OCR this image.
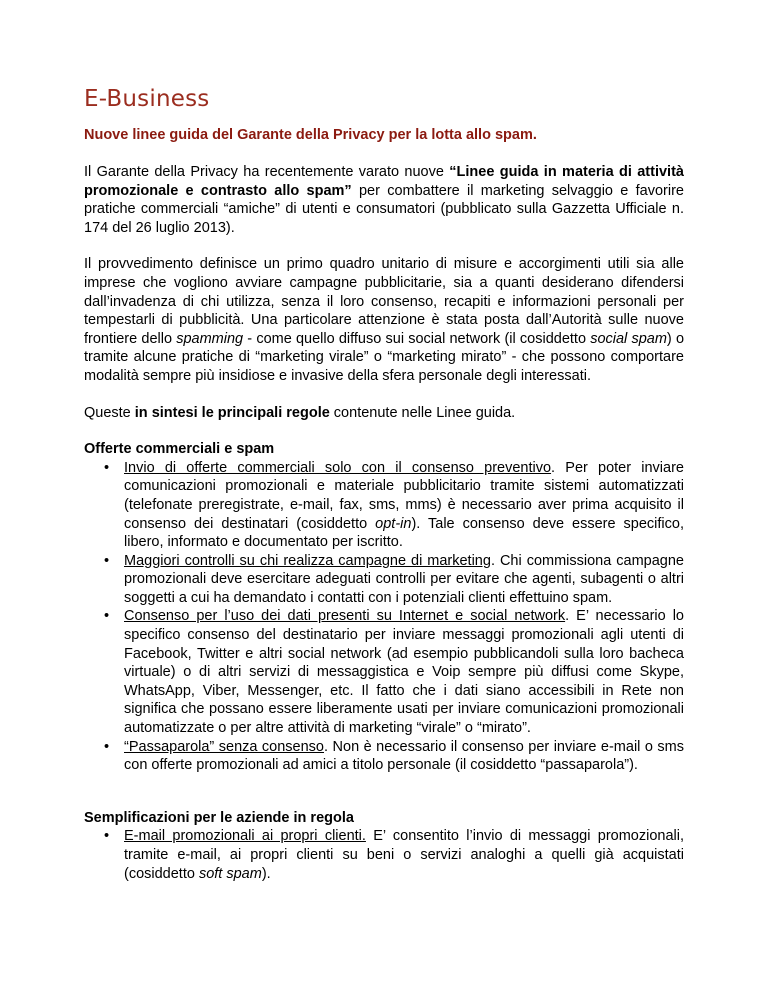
E-Business
Nuove linee guida del Garante della Privacy per la lotta allo spam.

Il Garante della Privacy ha recentemente varato nuove “Linee guida in materia di attività promozionale e contrasto allo spam” per combattere il marketing selvaggio e favorire pratiche commerciali “amiche” di utenti e consumatori (pubblicato sulla Gazzetta Ufficiale n. 174 del 26 luglio 2013).

Il provvedimento definisce un primo quadro unitario di misure e accorgimenti utili sia alle imprese che vogliono avviare campagne pubblicitarie, sia a quanti desiderano difendersi dall’invadenza di chi utilizza, senza il loro consenso, recapiti e informazioni personali per tempestarli di pubblicità. Una particolare attenzione è stata posta dall’Autorità sulle nuove frontiere dello spamming - come quello diffuso sui social network (il cosiddetto social spam) o tramite alcune pratiche di “marketing virale” o “marketing mirato” - che possono comportare modalità sempre più insidiose e invasive della sfera personale degli interessati.

Queste in sintesi le principali regole contenute nelle Linee guida.

Offerte commerciali e spam
• Invio di offerte commerciali solo con il consenso preventivo. Per poter inviare comunicazioni promozionali e materiale pubblicitario tramite sistemi automatizzati (telefonate preregistrate, e-mail, fax, sms, mms) è necessario aver prima acquisito il consenso dei destinatari (cosiddetto opt-in). Tale consenso deve essere specifico, libero, informato e documentato per iscritto.
• Maggiori controlli su chi realizza campagne di marketing. Chi commissiona campagne promozionali deve esercitare adeguati controlli per evitare che agenti, subagenti o altri soggetti a cui ha demandato i contatti con i potenziali clienti effettuino spam.
• Consenso per l’uso dei dati presenti su Internet e social network. E’ necessario lo specifico consenso del destinatario per inviare messaggi promozionali agli utenti di Facebook, Twitter e altri social network (ad esempio pubblicandoli sulla loro bacheca virtuale) o di altri servizi di messaggistica e Voip sempre più diffusi come Skype, WhatsApp, Viber, Messenger, etc. Il fatto che i dati siano accessibili in Rete non significa che possano essere liberamente usati per inviare comunicazioni promozionali automatizzate o per altre attività di marketing “virale” o “mirato”.
• “Passaparola” senza consenso. Non è necessario il consenso per inviare e-mail o sms con offerte promozionali ad amici a titolo personale (il cosiddetto “passaparola”).
Semplificazioni per le aziende in regola
• E-mail promozionali ai propri clienti. E’ consentito l’invio di messaggi promozionali, tramite e-mail, ai propri clienti su beni o servizi analoghi a quelli già acquistati (cosiddetto soft spam).
